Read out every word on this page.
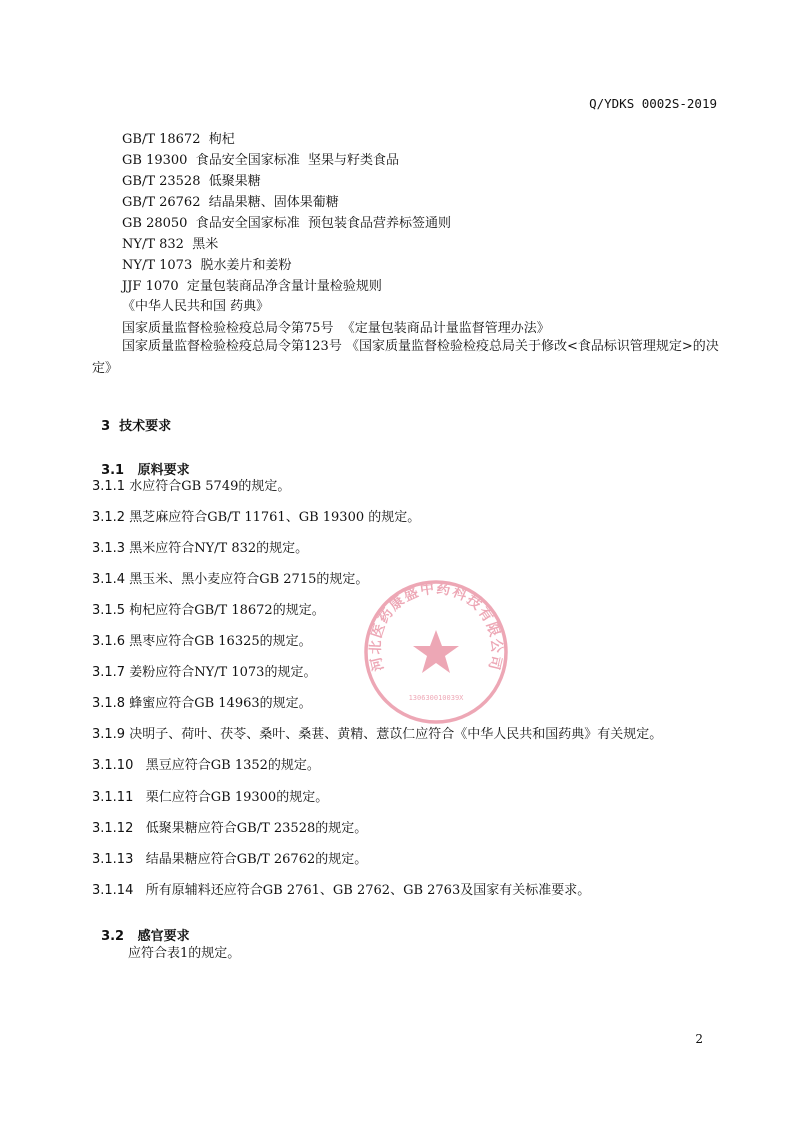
Q/YDKS 0002S-2019
GB/T 18672  枸杞
GB 19300  食品安全国家标准  坚果与籽类食品
GB/T 23528  低聚果糖
GB/T 26762  结晶果糖、固体果葡糖
GB 28050  食品安全国家标准  预包装食品营养标签通则
NY/T 832  黑米
NY/T 1073  脱水姜片和姜粉
JJF 1070  定量包装商品净含量计量检验规则
《中华人民共和国 药典》
国家质量监督检验检疫总局令第75号  《定量包装商品计量监督管理办法》
国家质量监督检验检疫总局令第123号 《国家质量监督检验检疫总局关于修改<食品标识管理规定>的决定》

3 技术要求

3.1 原料要求

3.1.1 水应符合GB 5749的规定。
3.1.2 黑芝麻应符合GB/T 11761、GB 19300 的规定。
3.1.3 黑米应符合NY/T 832的规定。
3.1.4 黑玉米、黑小麦应符合GB 2715的规定。
3.1.5 枸杞应符合GB/T 18672的规定。
3.1.6 黑枣应符合GB 16325的规定。
3.1.7 姜粉应符合NY/T 1073的规定。
3.1.8 蜂蜜应符合GB 14963的规定。
3.1.9 决明子、荷叶、茯苓、桑叶、桑葚、黄精、薏苡仁应符合《中华人民共和国药典》有关规定。
3.1.10 黑豆应符合GB 1352的规定。
3.1.11 栗仁应符合GB 19300的规定。
3.1.12 低聚果糖应符合GB/T 23528的规定。
3.1.13 结晶果糖应符合GB/T 26762的规定。
3.1.14 所有原辅料还应符合GB 2761、GB 2762、GB 2763及国家有关标准要求。

3.2 感官要求

应符合表1的规定。
2
河北医药康盛中药科技有限公司
130630010039X
